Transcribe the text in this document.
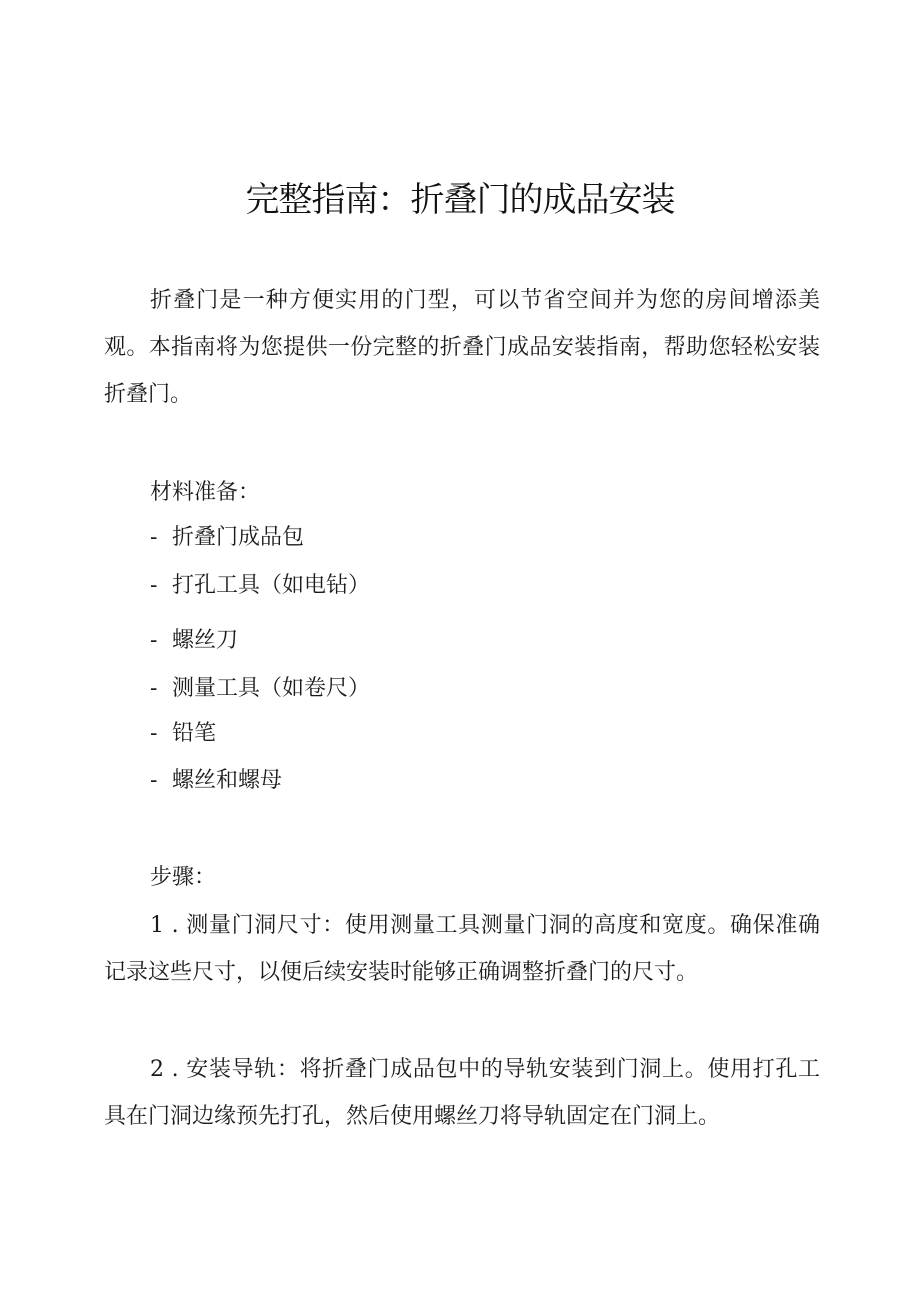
完整指南：折叠门的成品安装
折叠门是一种方便实用的门型，可以节省空间并为您的房间增添美观。本指南将为您提供一份完整的折叠门成品安装指南，帮助您轻松安装折叠门。
材料准备：
- 折叠门成品包
- 打孔工具（如电钻）
- 螺丝刀
- 测量工具（如卷尺）
- 铅笔
- 螺丝和螺母
步骤：
1 . 测量门洞尺寸：使用测量工具测量门洞的高度和宽度。确保准确记录这些尺寸，以便后续安装时能够正确调整折叠门的尺寸。
2 . 安装导轨：将折叠门成品包中的导轨安装到门洞上。使用打孔工具在门洞边缘预先打孔，然后使用螺丝刀将导轨固定在门洞上。
